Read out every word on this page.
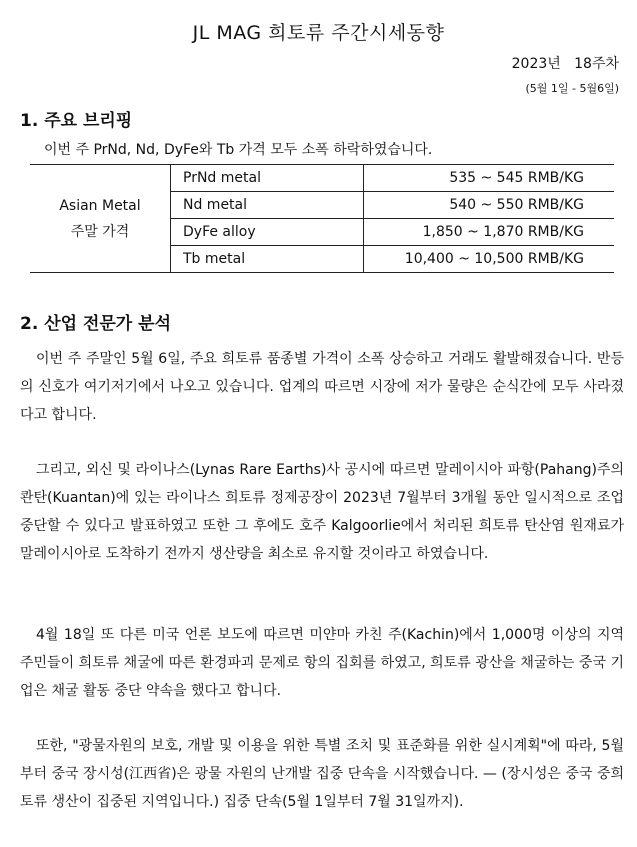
JL MAG 희토류 주간시세동향
2023년   18주차
(5월 1일 - 5월6일)
1. 주요 브리핑
이번 주 PrNd, Nd, DyFe와 Tb 가격 모두 소폭 하락하였습니다.
Asian Metal
주말 가격	PrNd metal	535 ~ 545 RMB/KG
	Nd metal	540 ~ 550 RMB/KG
	DyFe alloy	1,850 ~ 1,870 RMB/KG
	Tb metal	10,400 ~ 10,500 RMB/KG
2. 산업 전문가 분석

이번 주 주말인 5월 6일, 주요 희토류 품종별 가격이 소폭 상승하고 거래도 활발해졌습니다. 반등의 신호가 여기저기에서 나오고 있습니다. 업계의 따르면 시장에 저가 물량은 순식간에 모두 사라졌다고 합니다.

그리고, 외신 및 라이나스(Lynas Rare Earths)사 공시에 따르면 말레이시아 파항(Pahang)주의 콴탄(Kuantan)에 있는 라이나스 희토류 정제공장이 2023년 7월부터 3개월 동안 일시적으로 조업 중단할 수 있다고 발표하였고 또한 그 후에도 호주 Kalgoorlie에서 처리된 희토류 탄산염 원재료가 말레이시아로 도착하기 전까지 생산량을 최소로 유지할 것이라고 하였습니다.

4월 18일 또 다른 미국 언론 보도에 따르면 미얀마 카친 주(Kachin)에서 1,000명 이상의 지역 주민들이 희토류 채굴에 따른 환경파괴 문제로 항의 집회를 하였고, 희토류 광산을 채굴하는 중국 기업은 채굴 활동 중단 약속을 했다고 합니다.

또한, "광물자원의 보호, 개발 및 이용을 위한 특별 조치 및 표준화를 위한 실시계획"에 따라, 5월부터 중국 장시성(江西省)은 광물 자원의 난개발 집중 단속을 시작했습니다. — (장시성은 중국 중희토류 생산이 집중된 지역입니다.) 집중 단속(5월 1일부터 7월 31일까지).
